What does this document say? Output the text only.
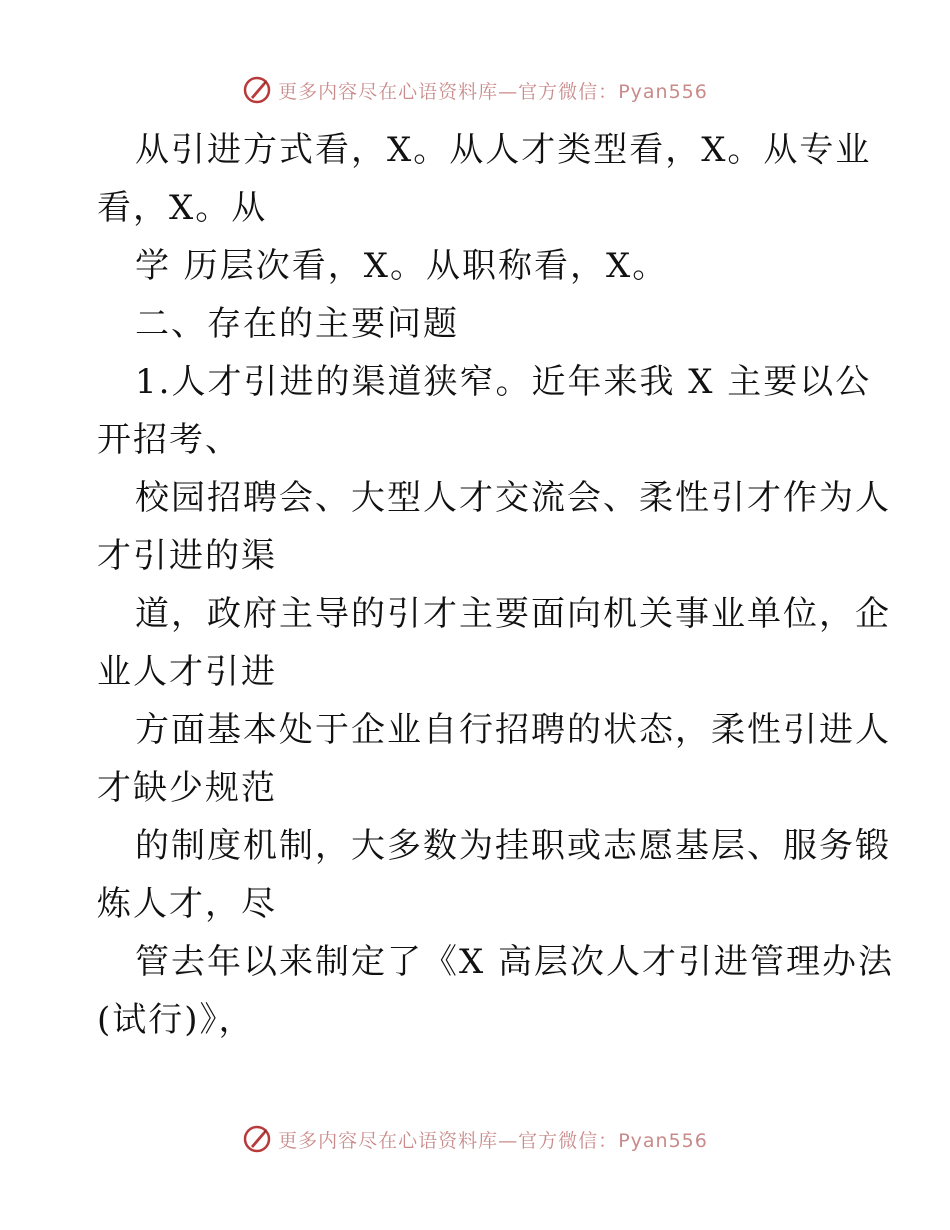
更多内容尽在心语资料库—官方微信：Pyan556
从引进方式看，X。从人才类型看，X。从专业
看，X。从
学 历层次看，X。从职称看，X。
二、存在的主要问题
1.人才引进的渠道狭窄。近年来我 X 主要以公
开招考、
校园招聘会、大型人才交流会、柔性引才作为人
才引进的渠
道，政府主导的引才主要面向机关事业单位，企
业人才引进
方面基本处于企业自行招聘的状态，柔性引进人
才缺少规范
的制度机制，大多数为挂职或志愿基层、服务锻
炼人才，尽
管去年以来制定了《X 高层次人才引进管理办法
(试行)》，
更多内容尽在心语资料库—官方微信：Pyan556
